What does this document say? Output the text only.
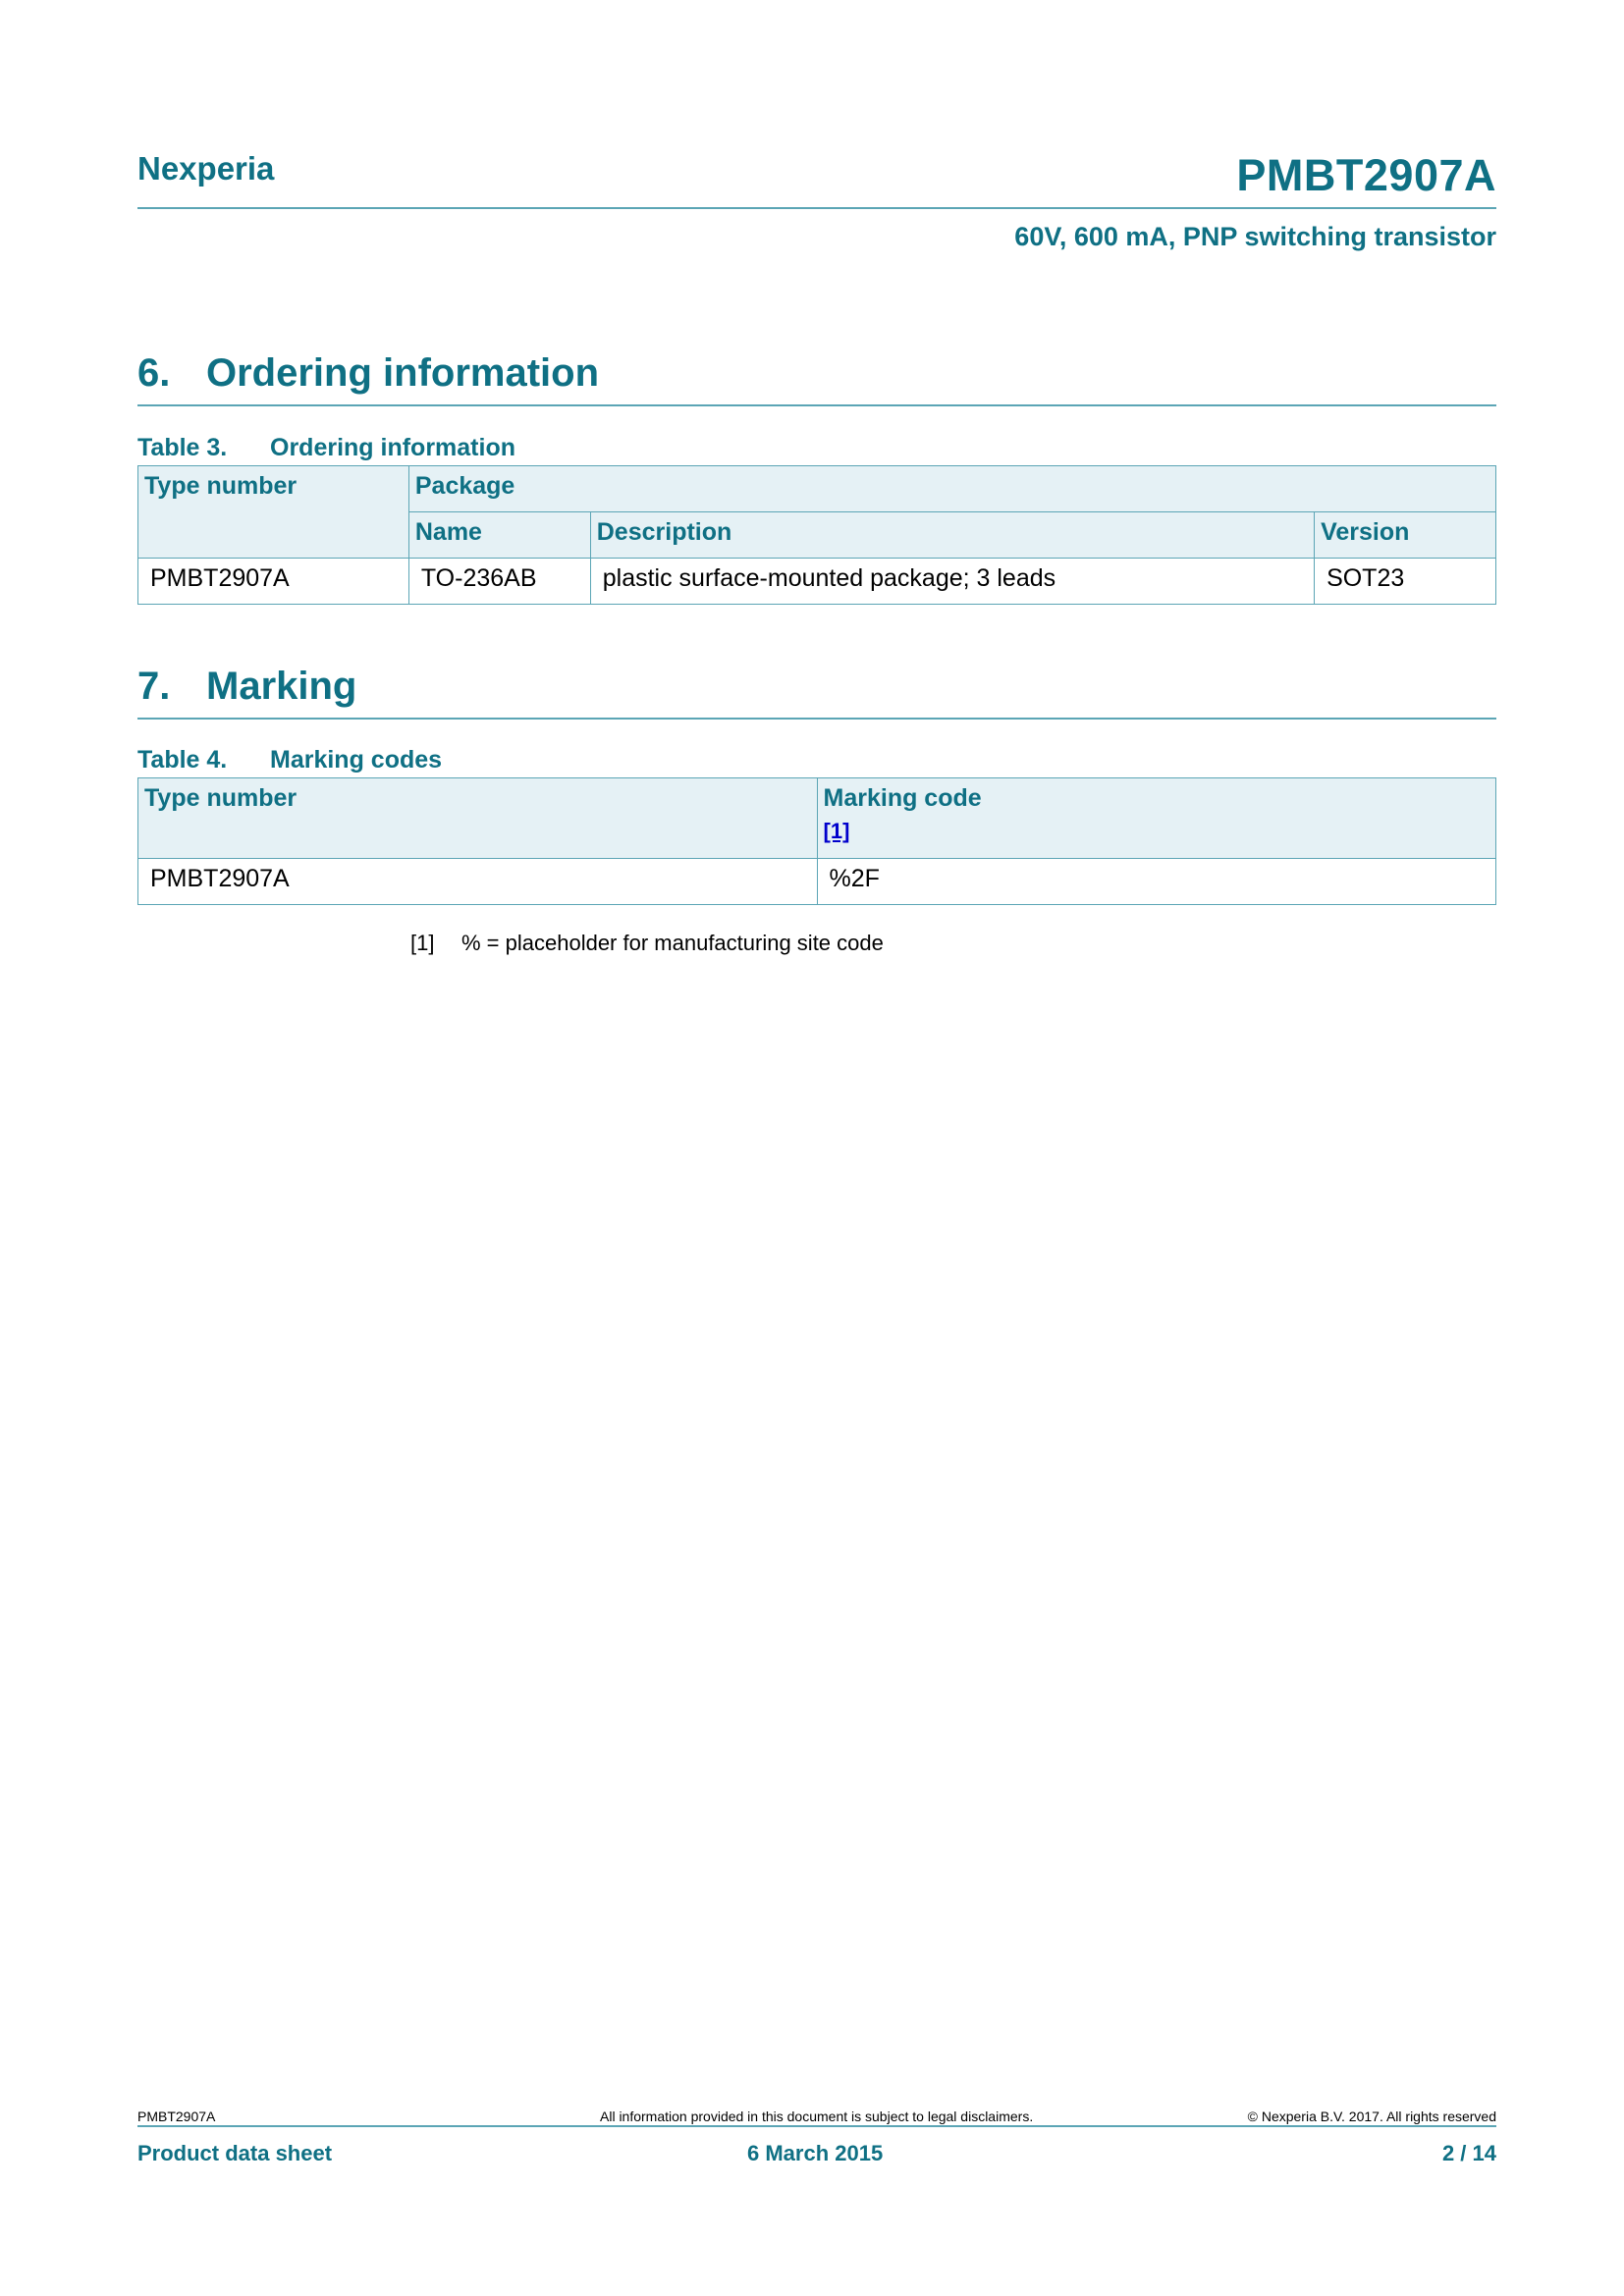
Nexperia	PMBT2907A
60V, 600 mA, PNP switching transistor
6. Ordering information
Table 3. Ordering information
Type number	Package		
	Name	Description	Version
PMBT2907A	TO-236AB	plastic surface-mounted package; 3 leads	SOT23
7. Marking
Table 4. Marking codes
Type number	Marking code
[1]

PMBT2907A	%2F
[1] % = placeholder for manufacturing site code
PMBT2907A	All information provided in this document is subject to legal disclaimers.	© Nexperia B.V. 2017. All rights reserved
Product data sheet	6 March 2015	2 / 14
